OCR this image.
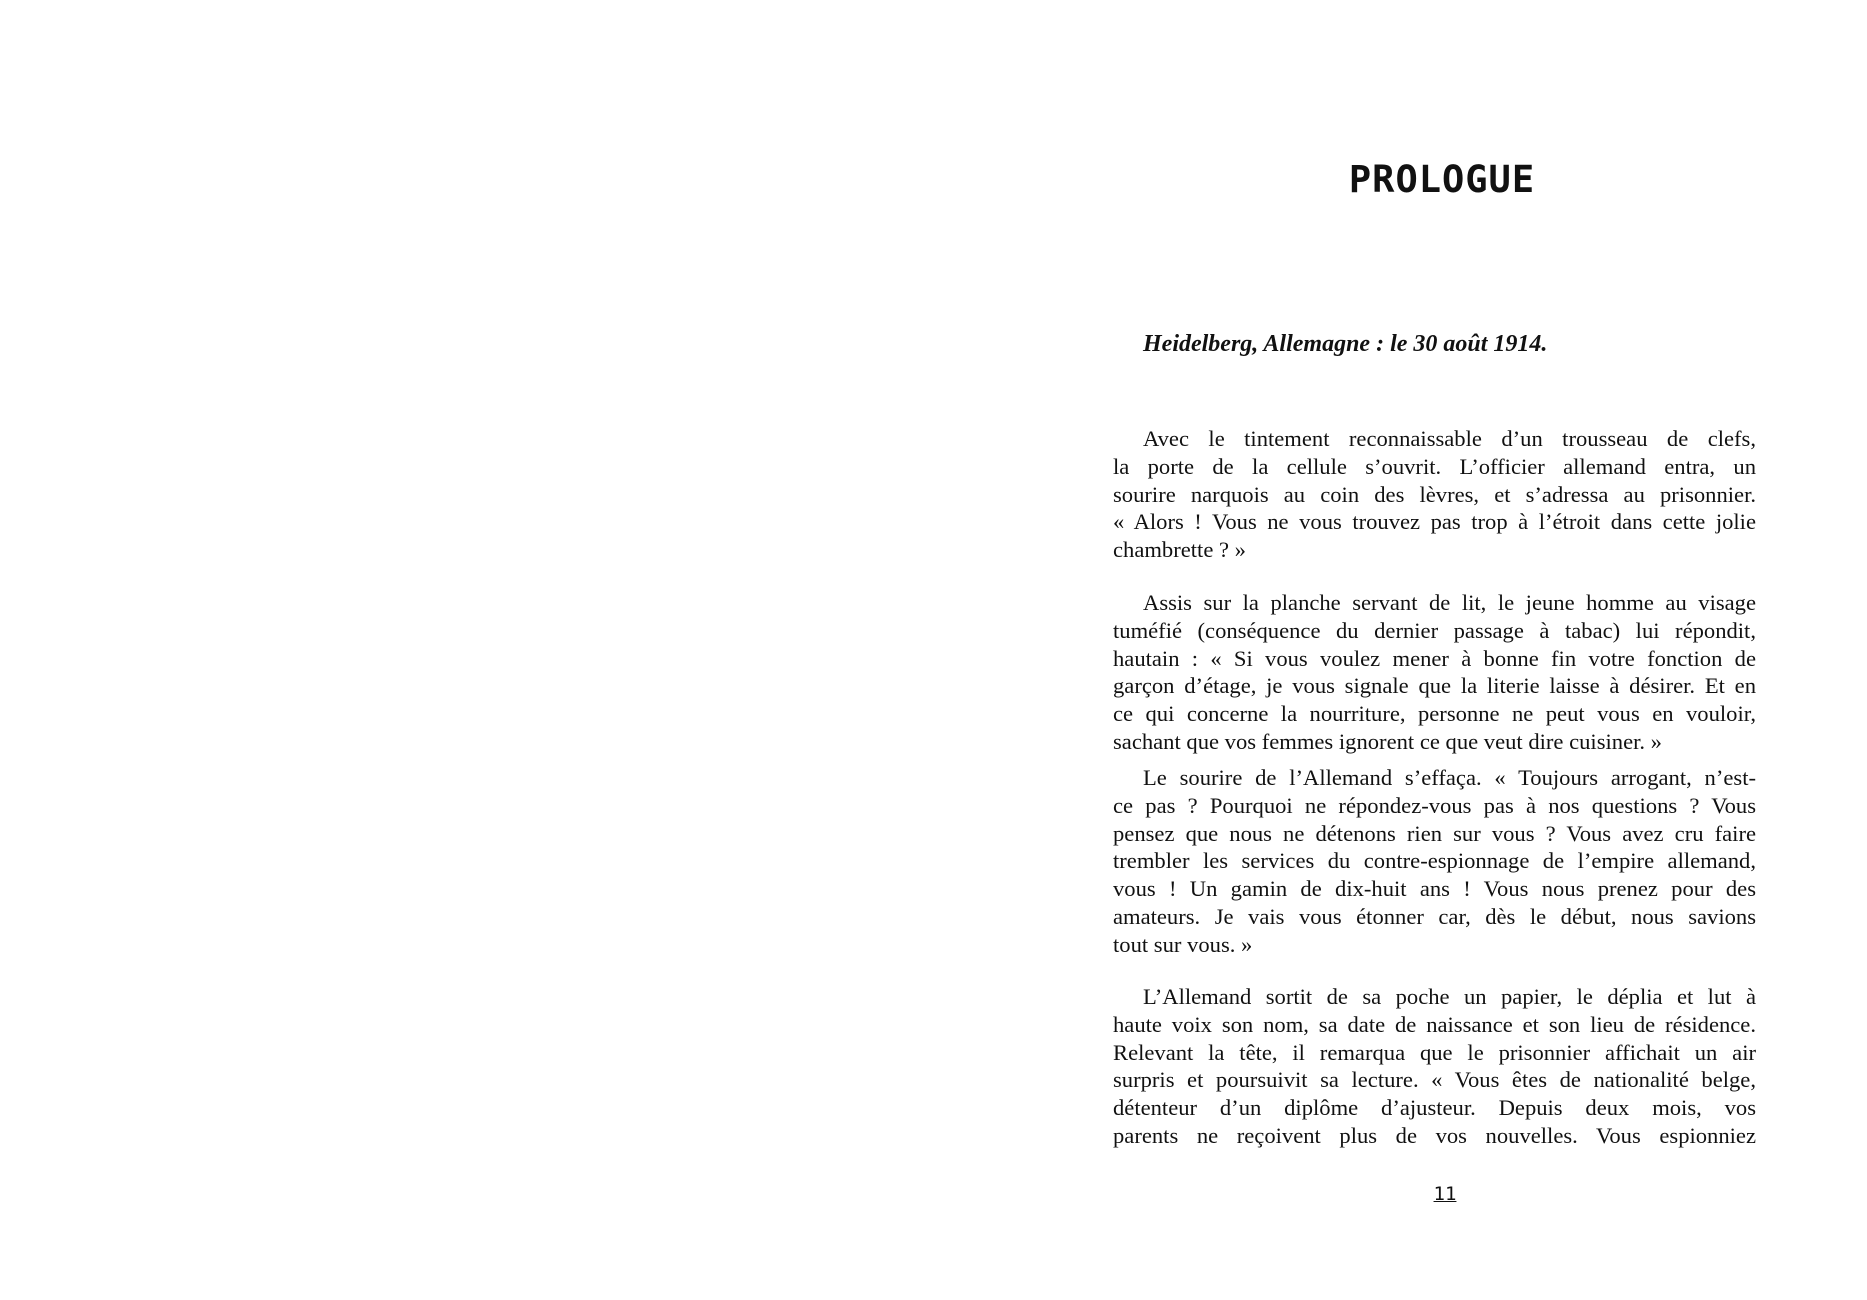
PROLOGUE

Heidelberg, Allemagne : le 30 août 1914.

Avec le tintement reconnaissable d’un trousseau de clefs,
la porte de la cellule s’ouvrit. L’officier allemand entra, un
sourire narquois au coin des lèvres, et s’adressa au prisonnier.
« Alors ! Vous ne vous trouvez pas trop à l’étroit dans cette jolie
chambrette ? »

Assis sur la planche servant de lit, le jeune homme au visage
tuméfié (conséquence du dernier passage à tabac) lui répondit,
hautain : « Si vous voulez mener à bonne fin votre fonction de
garçon d’étage, je vous signale que la literie laisse à désirer. Et en
ce qui concerne la nourriture, personne ne peut vous en vouloir,
sachant que vos femmes ignorent ce que veut dire cuisiner. »

Le sourire de l’Allemand s’effaça. « Toujours arrogant, n’est-
ce pas ? Pourquoi ne répondez-vous pas à nos questions ? Vous
pensez que nous ne détenons rien sur vous ? Vous avez cru faire
trembler les services du contre-espionnage de l’empire allemand,
vous ! Un gamin de dix-huit ans ! Vous nous prenez pour des
amateurs. Je vais vous étonner car, dès le début, nous savions
tout sur vous. »

L’Allemand sortit de sa poche un papier, le déplia et lut à
haute voix son nom, sa date de naissance et son lieu de résidence.
Relevant la tête, il remarqua que le prisonnier affichait un air
surpris et poursuivit sa lecture. « Vous êtes de nationalité belge,
détenteur d’un diplôme d’ajusteur. Depuis deux mois, vos
parents ne reçoivent plus de vos nouvelles. Vous espionniez

11
